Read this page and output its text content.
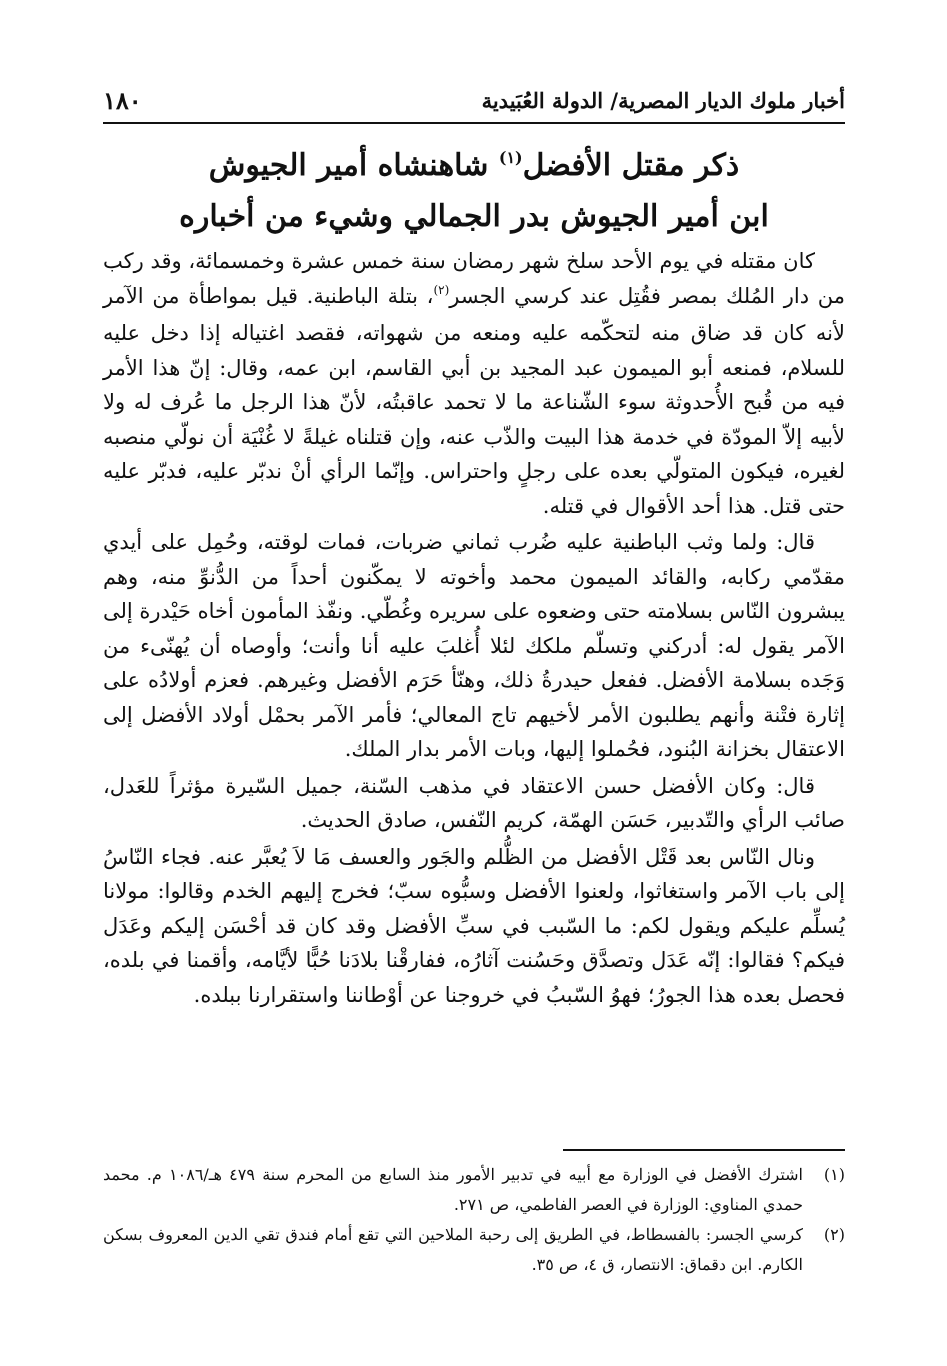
أخبار ملوك الديار المصرية/ الدولة العُبَيدية
١٨٠
ذكر مقتل الأفضل$^{(١)}$ شاهنشاه أمير الجيوش
ابن أمير الجيوش بدر الجمالي وشيء من أخباره

كان مقتله في يوم الأحد سلخ شهر رمضان سنة خمس عشرة وخمسمائة، وقد ركب من دار المُلك بمصر فقُتِل عند كرسي الجسر$^{(٢)}$، بتلة الباطنية. قيل بمواطأة من الآمر لأنه كان قد ضاق منه لتحكّمه عليه ومنعه من شهواته، فقصد اغتياله إذا دخل عليه للسلام، فمنعه أبو الميمون عبد المجيد بن أبي القاسم، ابن عمه، وقال: إنّ هذا الأمر فيه من قُبح الأُحدوثة سوء الشّناعة ما لا تحمد عاقبتُه، لأنّ هذا الرجل ما عُرف له ولا لأبيه إلاّ المودّة في خدمة هذا البيت والذّب عنه، وإن قتلناه غيلةً لا غُنْيَة أن نولّي منصبه لغيره، فيكون المتولّي بعده على رجلٍ واحتراس. وإنّما الرأي أنْ ندبّر عليه، فدبّر عليه حتى قتل. هذا أحد الأقوال في قتله.

قال: ولما وثب الباطنية عليه ضُرب ثماني ضربات، فمات لوقته، وحُمِل على أيدي مقدّمي ركابه، والقائد الميمون محمد وأخوته لا يمكّنون أحداً من الدُّنوِّ منه، وهم يبشرون النّاس بسلامته حتى وضعوه على سريره وغُطّي. ونفّذ المأمون أخاه حَيْدرة إلى الآمر يقول له: أدركني وتسلّم ملكك لئلا أُغلبَ عليه أنا وأنت؛ وأوصاه أن يُهنّىء من وَجَده بسلامة الأفضل. ففعل حيدرةُ ذلك، وهنّأ حَرَم الأفضل وغيرهم. فعزم أولادُه على إثارة فتْنة وأنهم يطلبون الأمر لأخيهم تاج المعالي؛ فأمر الآمر بحمْل أولاد الأفضل إلى الاعتقال بخزانة البُنود، فحُملوا إليها، وبات الأمر بدار الملك.

قال: وكان الأفضل حسن الاعتقاد في مذهب السّنة، جميل السّيرة مؤثراً للعَدل، صائب الرأي والتّدبير، حَسَن الهمّة، كريم النّفس، صادق الحديث.

ونال النّاس بعد قَتْل الأفضل من الظُّلم والجَور والعسف مَا لاَ يُعبَّر عنه. فجاء النّاسُ إلى باب الآمر واستغاثوا، ولعنوا الأفضل وسبُّوه سبّ؛ فخرج إليهم الخدم وقالوا: مولانا يُسلِّم عليكم ويقول لكم: ما السّبب في سبِّ الأفضل وقد كان قد أحْسَن إليكم وعَدَل فيكم؟ فقالوا: إنّه عَدَل وتصدَّق وحَسُنت آثارُه، ففارقْنا بلادَنا حُبًّا لأيَّامه، وأقمنا في بلده، فحصل بعده هذا الجورُ؛ فهوُ السّببُ في خروجنا عن أوْطاننا واستقرارنا ببلده.

(١)
اشترك الأفضل في الوزارة مع أبيه في تدبير الأمور منذ السابع من المحرم سنة ٤٧٩ هـ/١٠٨٦ م. محمد حمدي المناوي: الوزارة في العصر الفاطمي، ص ٢٧١.
(٢)
كرسي الجسر: بالفسطاط، في الطريق إلى رحبة الملاحين التي تقع أمام فندق تقي الدين المعروف بسكن الكارم. ابن دقماق: الانتصار، ق ٤، ص ٣٥.
